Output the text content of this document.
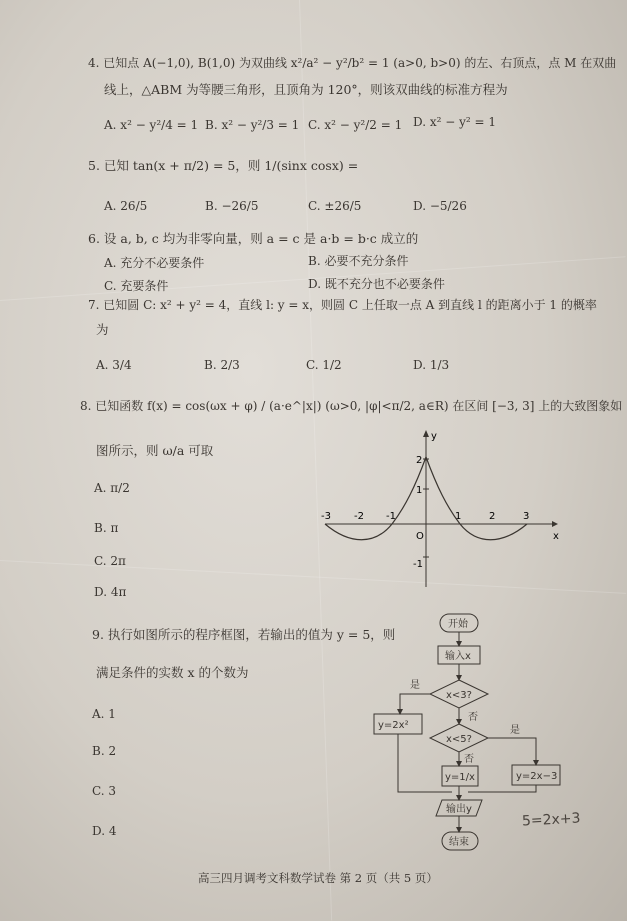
4. 已知点 A(−1,0), B(1,0) 为双曲线 x²/a² − y²/b² = 1 (a>0, b>0) 的左、右顶点，点 M 在双曲
线上，△ABM 为等腰三角形，且顶角为 120°，则该双曲线的标准方程为
A. x² − y²/4 = 1 B. x² − y²/3 = 1 C. x² − y²/2 = 1 D. x² − y² = 1
5. 已知 tan(x + π/2) = 5，则 1/(sinx cosx) =
A. 26/5	B. −26/5	C. ±26/5	D. −5/26
6. 设 a, b, c 均为非零向量，则 a = c 是 a·b = b·c 成立的
A. 充分不必要条件	B. 必要不充分条件
C. 充要条件	D. 既不充分也不必要条件
7. 已知圆 C: x² + y² = 4，直线 l: y = x，则圆 C 上任取一点 A 到直线 l 的距离小于 1 的概率
为
A. 3/4	B. 2/3	C. 1/2	D. 1/3
8. 已知函数 f(x) = cos(ωx + φ) / (a·e^|x|) (ω>0, |φ|<π/2, a∈R) 在区间 [−3, 3] 上的大致图象如
图所示，则 ω/a 可取
A. π/2
B. π
C. 2π
D. 4π
x
y
O
-3 -2 -1	1	2	3
2
1
-1
9. 执行如图所示的程序框图，若输出的值为 y = 5，则
满足条件的实数 x 的个数为
A. 1
B. 2
C. 3
D. 4
开始
输入x
x<3?
是
否
y=2x²
x<5?
是
否
y=1/x	y=2x−3
输出y
结束
5=2x+3
高三四月调考文科数学试卷 第 2 页（共 5 页）
